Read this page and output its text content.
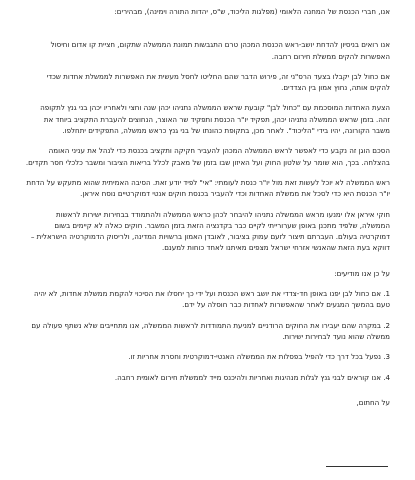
אנו, חברי הכנסת של המחנה הלאומי (מפלגות הליכוד, ש"ס, יהדות התורה וימינה), מבהירים:

אנו רואים בניסיון להדחת יושב-ראש הכנסת המכהן טרם התגבשות תמונת הממשלה שתקום, חציית קו אדום וחיסול האפשרות להקים ממשלת חירום רחבה.

אם כחול לבן יקבלו בצעד הרס"ני זה, פירוש הדבר שהם החליטו לחסל מעשית את האפשרות לממשלת אחדות שכדי להקים אותה, נחוץ אמון בין הצדדים.

הצעת האחדות המוסכמת עם "כחול לבן" קובעת שראש הממשלה נתניהו יכהן שנה וחצי ולאחריו יכהן בני גנץ לתקופה זהה. בזמן שראש הממשלה נתניהו יכהן, תפקיד יו"ר הכנסת ותפקיד שר האוצר, הנחוצים להעברת התקציב ביוחד את משבר הקורונה, יהיו בידי "הליכוד". לאחר מכן, בתקופת כהונתו של בני גנץ כראש ממשלה, התפקידים יתחלפו.

הסכם הוגן זה נקבע כדי לאפשר לראש הממשלה המכהן להעביר חקיקה ותקציב בכנסת כדי לנהל את עניני האומה בהצלחה. בכך, הוא שומר על שלטון החוק ועל האיזון שבו בזמן של מאבק לכלל בריאות הציבור ומשבר כלכלי חסר תקדים.

ראש הממשלה לא יוכל לעשות זאת מול יו"ר כנסת לעומתי: "אי" לפיד יודע זאת. הסיבה האמיתית שהוא מתעקש על הדחת יו"ר הכנסת היא כדי לסכל את ממשלת האחדות וכדי להעביר בכנסת חוקים אנטי דמוקרטיים נוסח איראן.

חוקי איראן אלו ימנעו מראש הממשלה נתניהו להיבחר לכהן כראש הממשלה ולהתמודד בבחירות ישירות לראשות הממשלה, שלפיד מתכנן באופן שערורייתי לקיים כבר בקדנציה הזאת בזמן המשבר. חוקים כאלה לא קיימים בשום דמוקרטיה בעולם. העברתם תיצור לזעם עמוק בציבור, לאובדן האמון ברשויות המדינה, ולריסוק הדמוקרטיה הישראלית – דווקא בעת הזאת שהאנשי אזרחי ישראל מצפים מאיתנו לאחד כוחות למענם.

על כן אנו מודיעים:

1. אם כחול לבן יפנו באופן חד-צדדי את יושב ראש הכנסת ועל ידי כך יחסלו את הסיכוי להקמת ממשלת אחדות, לא יהיה טעם בהמשך המגעים לאחר שהאפשרות לאחדות כבר חוסלה על ידם.
2. במקרה שהם יעבירו את החוקים הרודניים למניעת התמודדות לראשות הממשלה, אנו מתחייבים שלא נשתף פעולה עם ממשלה שהוא נועד לבחירות ישירות.
3. נפעל בכל דרך כדי להפיל בפסלות את הממשלה האנטי-דמוקרטית וחסרת אחריות זו.
4. אנו קוראים לבני גנץ לגלות מנהיגות ואחריות ולהיכנס מייד לממשלת חירום לאומית רחבה.

על החתום,
